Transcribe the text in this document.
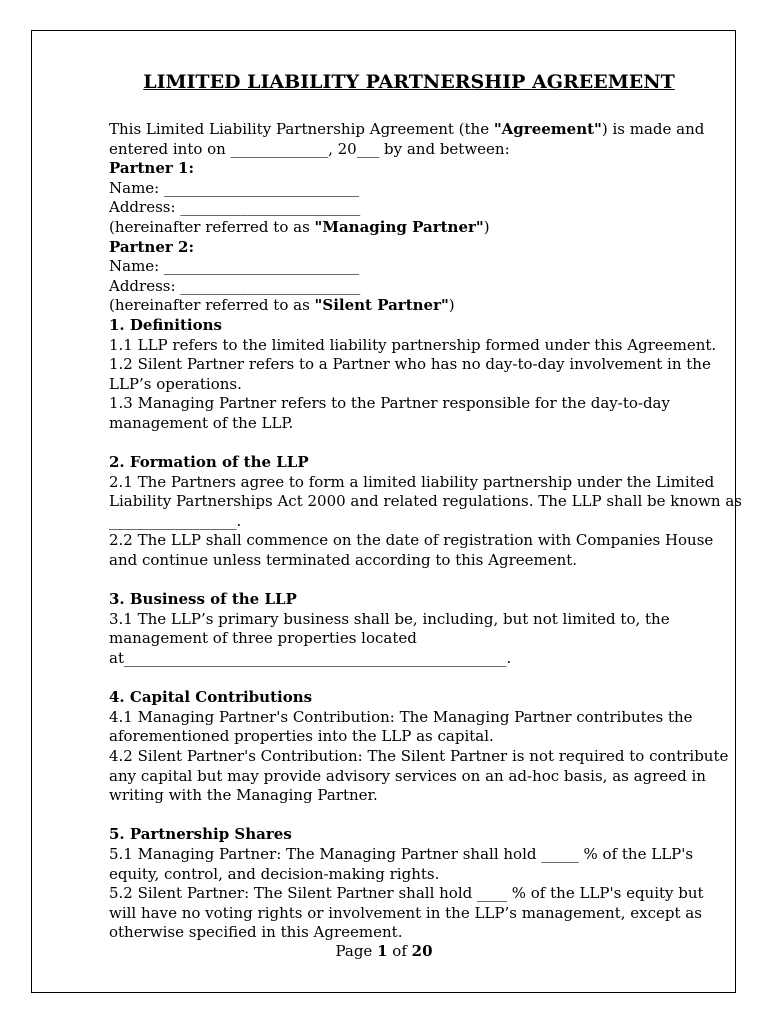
LIMITED LIABILITY PARTNERSHIP AGREEMENT
This Limited Liability Partnership Agreement (the "Agreement") is made and
entered into on _____________, 20___ by and between:
Partner 1:
Name: __________________________
Address: ________________________
(hereinafter referred to as "Managing Partner")
Partner 2:
Name: __________________________
Address: ________________________
(hereinafter referred to as "Silent Partner")
1. Definitions
1.1 LLP refers to the limited liability partnership formed under this Agreement.
1.2 Silent Partner refers to a Partner who has no day-to-day involvement in the
LLP’s operations.
1.3 Managing Partner refers to the Partner responsible for the day-to-day
management of the LLP.
2. Formation of the LLP
2.1 The Partners agree to form a limited liability partnership under the Limited
Liability Partnerships Act 2000 and related regulations. The LLP shall be known as
_________________.
2.2 The LLP shall commence on the date of registration with Companies House
and continue unless terminated according to this Agreement.
3. Business of the LLP
3.1 The LLP’s primary business shall be, including, but not limited to, the
management of three properties located
at___________________________________________________.
4. Capital Contributions
4.1 Managing Partner's Contribution: The Managing Partner contributes the
aforementioned properties into the LLP as capital.
4.2 Silent Partner's Contribution: The Silent Partner is not required to contribute
any capital but may provide advisory services on an ad-hoc basis, as agreed in
writing with the Managing Partner.
5. Partnership Shares
5.1 Managing Partner: The Managing Partner shall hold _____ % of the LLP's
equity, control, and decision-making rights.
5.2 Silent Partner: The Silent Partner shall hold ____ % of the LLP's equity but
will have no voting rights or involvement in the LLP’s management, except as
otherwise specified in this Agreement.
Page 1 of 20
